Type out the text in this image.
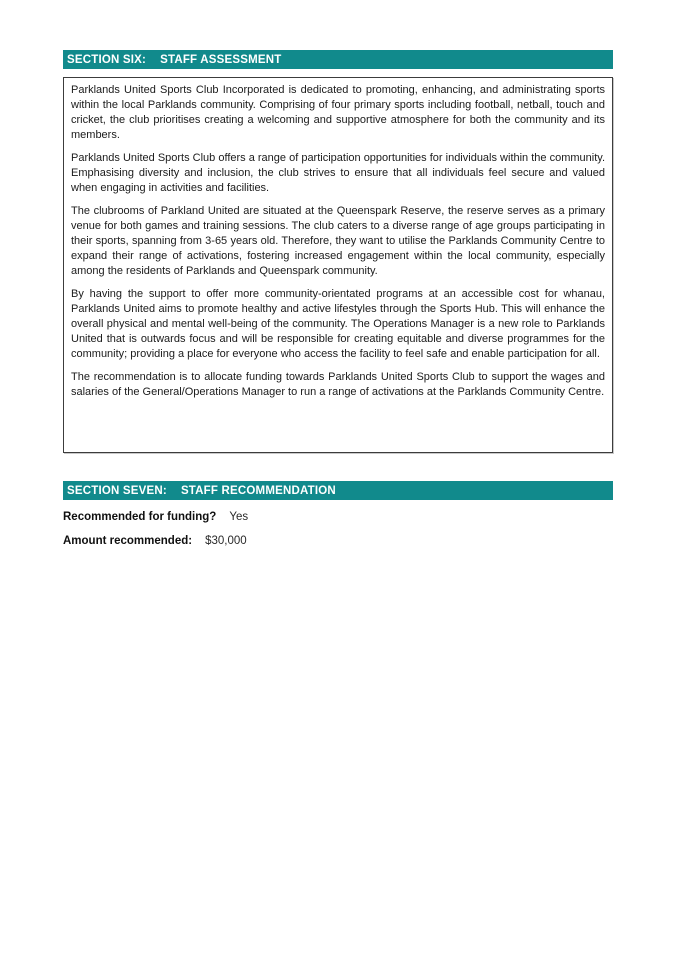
SECTION SIX: STAFF ASSESSMENT

Parklands United Sports Club Incorporated is dedicated to promoting, enhancing, and administrating sports within the local Parklands community. Comprising of four primary sports including football, netball, touch and cricket, the club prioritises creating a welcoming and supportive atmosphere for both the community and its members.

Parklands United Sports Club offers a range of participation opportunities for individuals within the community. Emphasising diversity and inclusion, the club strives to ensure that all individuals feel secure and valued when engaging in activities and facilities.

The clubrooms of Parkland United are situated at the Queenspark Reserve, the reserve serves as a primary venue for both games and training sessions. The club caters to a diverse range of age groups participating in their sports, spanning from 3-65 years old. Therefore, they want to utilise the Parklands Community Centre to expand their range of activations, fostering increased engagement within the local community, especially among the residents of Parklands and Queenspark community.

By having the support to offer more community-orientated programs at an accessible cost for whanau, Parklands United aims to promote healthy and active lifestyles through the Sports Hub. This will enhance the overall physical and mental well-being of the community. The Operations Manager is a new role to Parklands United that is outwards focus and will be responsible for creating equitable and diverse programmes for the community; providing a place for everyone who access the facility to feel safe and enable participation for all.

The recommendation is to allocate funding towards Parklands United Sports Club to support the wages and salaries of the General/Operations Manager to run a range of activations at the Parklands Community Centre.

SECTION SEVEN: STAFF RECOMMENDATION
Recommended for funding? Yes
Amount recommended: $30,000
